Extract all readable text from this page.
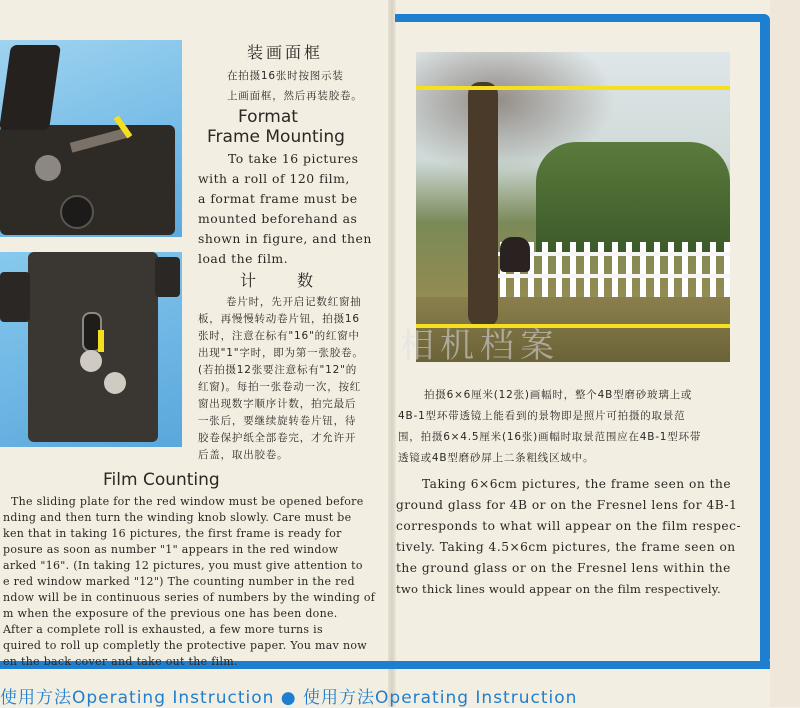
装画面框

在拍摄16张时按图示装

上画面框，然后再装胶卷。

Format

Frame Mounting

To take 16 pictures

with a roll of 120 film,

a format frame must be

mounted beforehand as

shown in figure, and then

load the film.

计　　数

卷片时，先开启记数红窗抽

板，再慢慢转动卷片钮，拍摄16

张时，注意在标有"16"的红窗中

出现"1"字时，即为第一张胶卷。

(若拍摄12张要注意标有"12"的

红窗)。每拍一张卷动一次，按红

窗出现数字顺序计数，拍完最后

一张后，要继续旋转卷片钮，待

胶卷保护纸全部卷完，才允许开

后盖，取出胶卷。

Film Counting

The sliding plate for the red window must be opened before

nding and then turn the winding knob slowly. Care must be

ken that in taking 16 pictures, the first frame is ready for

posure as soon as number "1" appears in the red window

arked "16". (In taking 12 pictures, you must give attention to

e red window marked "12") The counting number in the red

ndow will be in continuous series of numbers by the winding of

m when the exposure of the previous one has been done.

After a complete roll is exhausted, a few more turns is

quired to roll up completly the protective paper. You mav now

en the back cover and take out the film.

相机档案

拍摄6×6厘米(12张)画幅时，整个4B型磨砂玻璃上或

4B-1型环带透镜上能看到的景物即是照片可拍摄的取景范

围，拍摄6×4.5厘米(16张)画幅时取景范围应在4B-1型环带

透镜或4B型磨砂屏上二条粗线区域中。

Taking 6×6cm pictures, the frame seen on the

ground glass for 4B or on the Fresnel lens for 4B-1

corresponds to what will appear on the film respec-

tively. Taking 4.5×6cm pictures, the frame seen on

the ground glass or on the Fresnel lens within the

two thick lines would appear on the film respectively.

使用方法Operating Instruction ● 使用方法Operating Instruction
